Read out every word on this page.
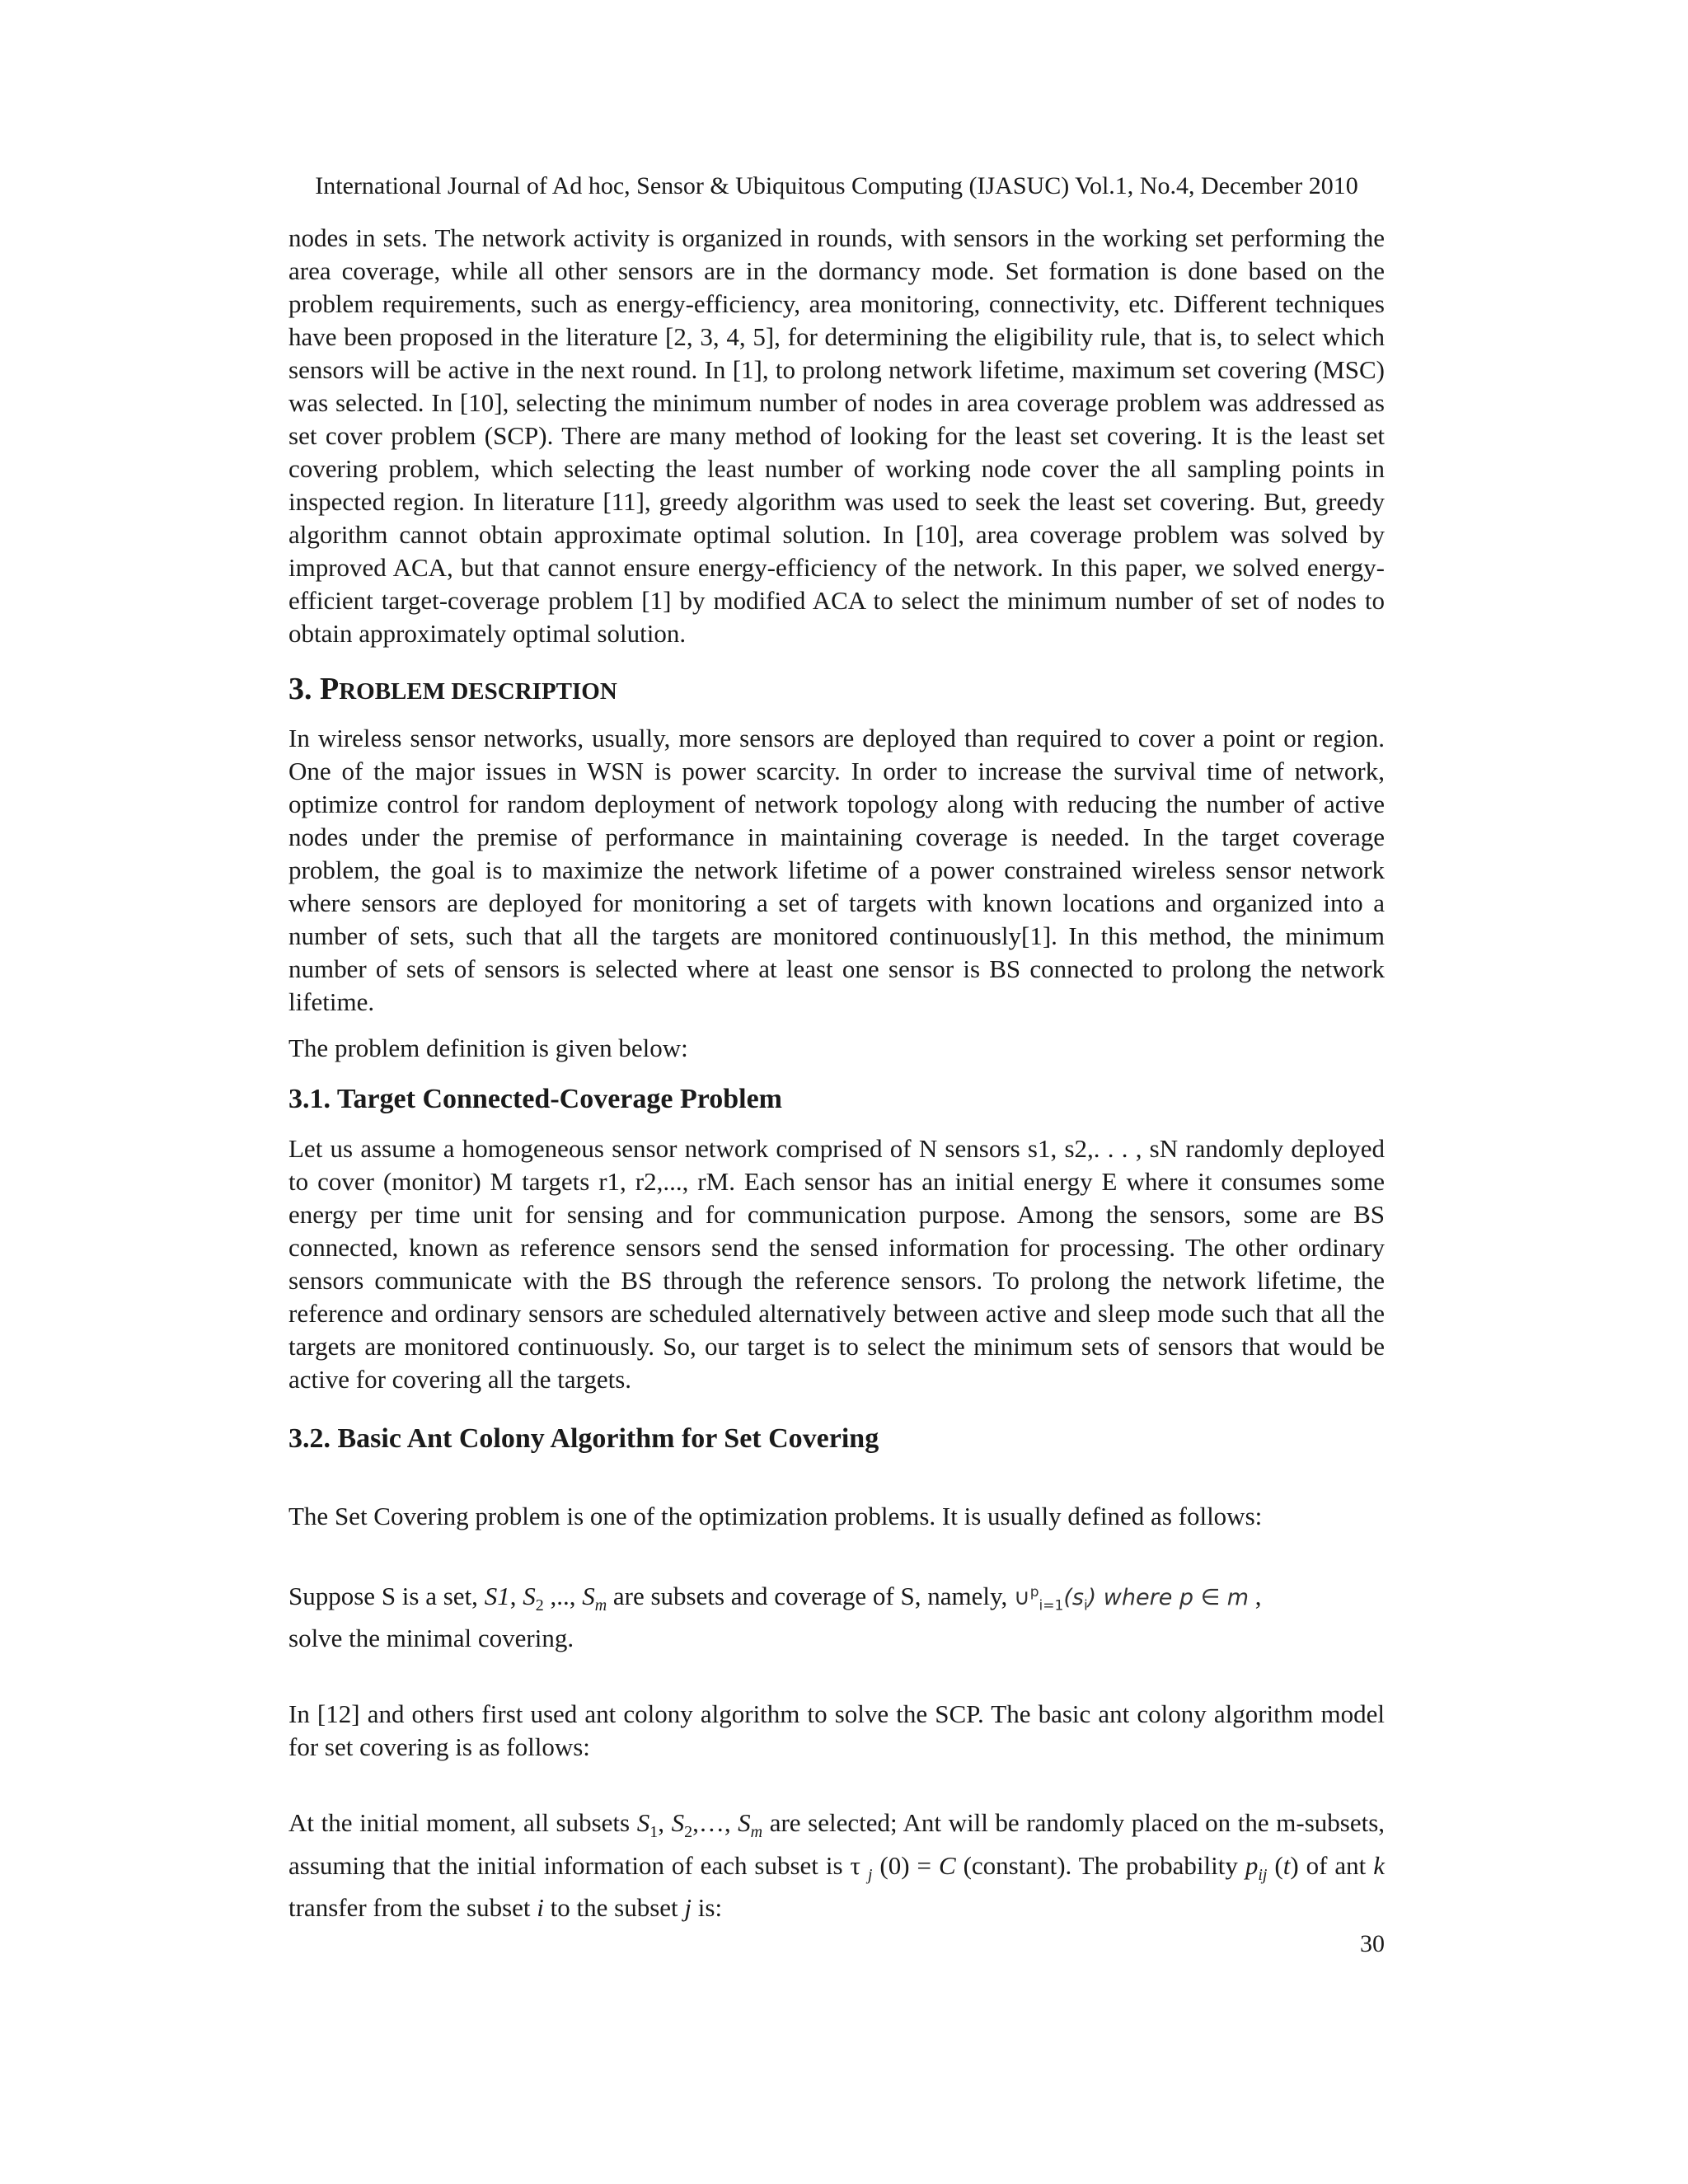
International Journal of Ad hoc, Sensor & Ubiquitous Computing (IJASUC) Vol.1, No.4, December 2010

nodes in sets. The network activity is organized in rounds, with sensors in the working set performing the area coverage, while all other sensors are in the dormancy mode. Set formation is done based on the problem requirements, such as energy-efficiency, area monitoring, connectivity, etc. Different techniques have been proposed in the literature [2, 3, 4, 5], for determining the eligibility rule, that is, to select which sensors will be active in the next round. In [1], to prolong network lifetime, maximum set covering (MSC) was selected. In [10], selecting the minimum number of nodes in area coverage problem was addressed as set cover problem (SCP). There are many method of looking for the least set covering. It is the least set covering problem, which selecting the least number of working node cover the all sampling points in inspected region. In literature [11], greedy algorithm was used to seek the least set covering. But, greedy algorithm cannot obtain approximate optimal solution. In [10], area coverage problem was solved by improved ACA, but that cannot ensure energy-efficiency of the network. In this paper, we solved energy-efficient target-coverage problem [1] by modified ACA to select the minimum number of set of nodes to obtain approximately optimal solution.

3. PROBLEM DESCRIPTION

In wireless sensor networks, usually, more sensors are deployed than required to cover a point or region. One of the major issues in WSN is power scarcity. In order to increase the survival time of network, optimize control for random deployment of network topology along with reducing the number of active nodes under the premise of performance in maintaining coverage is needed. In the target coverage problem, the goal is to maximize the network lifetime of a power constrained wireless sensor network where sensors are deployed for monitoring a set of targets with known locations and organized into a number of sets, such that all the targets are monitored continuously[1]. In this method, the minimum number of sets of sensors is selected where at least one sensor is BS connected to prolong the network lifetime.

The problem definition is given below:

3.1. Target Connected-Coverage Problem

Let us assume a homogeneous sensor network comprised of N sensors s1, s2,. . . , sN randomly deployed to cover (monitor) M targets r1, r2,..., rM. Each sensor has an initial energy E where it consumes some energy per time unit for sensing and for communication purpose. Among the sensors, some are BS connected, known as reference sensors send the sensed information for processing. The other ordinary sensors communicate with the BS through the reference sensors. To prolong the network lifetime, the reference and ordinary sensors are scheduled alternatively between active and sleep mode such that all the targets are monitored continuously. So, our target is to select the minimum sets of sensors that would be active for covering all the targets.

3.2. Basic Ant Colony Algorithm for Set Covering

The Set Covering problem is one of the optimization problems. It is usually defined as follows:

Suppose S is a set, S1, $S_2$ ,.., $S_m$ are subsets and coverage of S, namely, $\cup^p_{i=1}(s_i)$ where p ∈ m ,
solve the minimal covering.

In [12] and others first used ant colony algorithm to solve the SCP. The basic ant colony algorithm model for set covering is as follows:

At the initial moment, all subsets $S_1$, $S_2,\dots$, $S_m$ are selected; Ant will be randomly placed on the m-subsets, assuming that the initial information of each subset is τ $_j$ (0) = C (constant). The probability $p_{ij}$ (t) of ant k transfer from the subset i to the subset j is:

30
